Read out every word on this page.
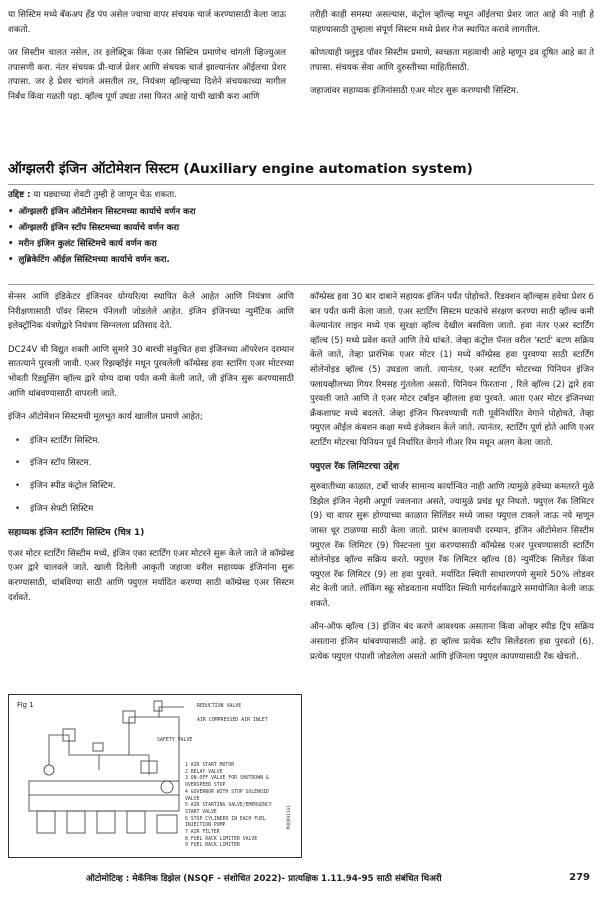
या सिस्टिम मध्ये बॅकअप हँड पंप असेल ज्याचा वापर संचयक चार्ज करण्यासाठी केला जाऊ शकतो.

जर सिस्टीम चालत नसेल, तर इलेक्ट्रिक किंवा एअर सिस्टिम प्रमाणेच चांगली व्हिज्युअल तपासणी करा. नंतर संचयक प्री-चार्ज प्रेशर आणि संचयक चार्ज झाल्यानंतर ऑईलचा प्रेशर तपासा. जर हे प्रेशर चांगले असतील तर, नियंत्रण व्हॉल्व्हच्या दिशेने संचयकाच्या मागील निर्बंध किंवा गळती पहा. व्हॉल्व पूर्ण उघडा तसा फिरत आहे याची खात्री करा आणि

तरीही काही समस्या असल्यास, कंट्रोल व्हॉल्व्ह मधून ऑईलचा प्रेशर जात आहे की नाही हे पाहण्यासाठी तुम्हाला संपूर्ण सिस्टम मध्ये प्रेशर गेज स्थापित करावे लागतील.

कोणत्याही फ्लुइड पॉवर सिस्टीम प्रमाणे, स्वच्छता महत्वाची आहे म्हणून द्रव दूषित आहे का ते तपासा. संचयक सेवा आणि दुरुस्तीच्या माहितीसाठी.

जहाजांवर सहाय्यक इंजिनांसाठी एअर मोटर सुरू करण्याची सिस्टिम.

ऑग्झलरी इंजिन ऑटोमेशन सिस्टम (Auxiliary engine automation system)
उद्दिष्ट : या धड्याच्या शेवटी तुम्ही हे जाणून घेऊ शकता.
• ऑग्झलरी इंजिन ऑटोमेशन सिस्टमच्या कार्याचे वर्णन करा
• ऑग्झलरी इंजिन स्टॉप सिस्टमच्या कार्याचे वर्णन करा
• मरीन इंजिन कुलंट सिस्टिमचे कार्य वर्णन करा
• लुब्रिकेटिंग ऑईल सिस्टिमच्या कार्याचे वर्णन करा.

सेन्सर आणि इंडिकेटर इंजिनवर योग्यरित्या स्थापित केले आहेत आणि नियंत्रण आणि निरीक्षणासाठी पॉवर सिस्टम पॅनेलशी जोडलेले आहेत. इंजिन इंजिनच्या न्युमॅटिक आणि इलेक्ट्रॉनिक यंत्रणेद्वारे नियंत्रण सिग्नलला प्रतिसाद देते.

DC24V ची विद्युत शक्ती आणि सुमारे 30 बारची संकुचित हवा इंजिनच्या ऑपरेशन दरम्यान सातत्याने पुरवली जावी. एअर रिझव्हॉईर मधून पुरवलेली कॉम्प्रेस्ड हवा स्टारिंग एअर मोटरच्या भोवती रिड्युसिंग व्हॉल्व द्वारे योग्य दाबा पर्यंत कमी केली जाते, जी इंजिन सुरू करण्यासाठी आणि थांबवण्यासाठी वापरली जाते.

इंजिन ऑटोमेशन सिस्टमची मूलभूत कार्य खालील प्रमाणे आहेत;

• इंजिन स्टार्टिंग सिस्टिम.
• इंजिन स्टॉप सिस्टम.
• इंजिन स्पीड कंट्रोल सिस्टिम.
• इंजिन सेफ्टी सिस्टिम
सहाय्यक इंजिन स्टार्टिंग सिस्टिम (चित्र 1)

एअर मोटर स्टार्टिंग सिस्टीम मध्ये, इंजिन एका स्टार्टिंग एअर मोटरने सुरू केले जाते जे कॉम्प्रेस्ड एअर द्वारे चालवले जाते. खाली दिलेली आकृती जहाजा वरील सहाय्यक इंजिनांना सुरू करण्यासाठी, थांबविण्या साठी आणि फ्युएल मर्यादित करण्या साठी कॉम्प्रेस्ड एअर सिस्टम दर्शवते.

कॉम्प्रेस्ड हवा 30 बार दाबाने सहायक इंजिन पर्यंत पोहोचते. रिडक्शन व्हॉल्व्हस हवेचा प्रेशर 6 बार पर्यंत कमी केला जातो. एअर स्टार्टिंग सिस्टम घटकांचे संरक्षण करण्या साठी व्हॉल्व कमी केल्यानंतर लाइन मध्ये एक सुरक्षा व्हॉल्व देखील बसविला जातो. हवा नंतर एअर स्टार्टिंग व्हॉल्व (5) मध्ये प्रवेश करते आणि तेथे थांबते. जेव्हा कंट्रोल पॅनल वरील 'स्टार्ट' बटण सक्रिय केले जाते, तेव्हा प्रारंभिक एअर मोटर (1) मध्ये कॉम्प्रेस्ड हवा पुरवण्या साठी स्टार्टिंग सोलेनोइड व्हॉल्व (5) उघडला जातो. त्यानंतर, एअर स्टार्टिंग मोटरच्या पिनियन इंजिन फ्लायव्हीलच्या गियर रिमसह गुंतलेला असतो. पिनियन फिरताना , रिले व्हॉल्व (2) द्वारे हवा पुरवली जाते आणि ते एअर मोटर टर्बाइन व्हीलला हवा पुरवते. आता एअर मोटर इंजिनच्या क्रँकशाफ्ट मध्ये बदलते. जेव्हा इंजिन फिरवण्याची गती पूर्वनिर्धारित वेगाने पोहोचते, तेव्हा फ्युएल ऑईल कंबशन कक्षा मध्ये इंजेक्शन केले जाते. त्यानंतर, स्टार्टिंग पूर्ण होते आणि एअर स्टार्टिंग मोटरचा पिनियन पूर्व निर्धारित वेगाने गीअर रिम मधून अलग केला जातो.

फ्युएल रॅक लिमिटरचा उद्देश

सुरुवातीच्या काळात, टर्बो चार्जर सामान्य कार्यान्वित नाही आणि त्यामुळे हवेच्या कमतरते मुळे डिझेल इंजिन नेहमी अपूर्ण ज्वलनात असते, ज्यामुळे प्रचंड धूर निघतो. फ्युएल रॅक लिमिटर (9) चा वापर सुरू होण्याच्या काळात सिलिंडर मध्ये जास्त फ्युएल टाकले जाऊ नये म्हणून जास्त धूर टाळण्या साठी केला जातो. प्रारंभ कालावधी दरम्यान, इंजिन ऑटोमेशन सिस्टीम फ्युएल रॅक लिमिटर (9) पिस्टनला पुश करण्यासाठी कॉम्प्रेस्ड एअर पुरवण्यासाठी स्टार्टिंग सोलेनोइड व्हॉल्व सक्रिय करते. फ्युएल रॅक लिमिटर व्हॉल्व (8) न्युमॅटिक सिलेंडर किंवा फ्युएल रॅक लिमिटर (9) ला हवा पुरवते. मर्यादित स्थिती साधारणपणे सुमारे 50% लोडवर सेट केली जाते. लॉकिंग स्क्रू सोडवताना मर्यादित स्थिती मार्गदर्शकाद्वारे समायोजित केली जाऊ शकते.

ऑन-ऑफ व्हॉल्व (3) इंजिन बंद करणे आवश्यक असताना किंवा ओव्हर स्पीड ट्रिप सक्रिय असताना इंजिन थांबवण्यासाठी आहे. हा व्हॉल्व प्रत्येक स्टॉप सिलेंडरला हवा पुरवतो (6). प्रत्येक फ्युएल पंपाशी जोडलेला असतो आणि इंजिनला फ्युएल कापण्यासाठी रॅक खेचतो.

Fig 1	REDUCTION VALVE
AIR COMPRESSED AIR INLET
SAFETY VALVE
1 AIR START MOTOR
2 RELAY VALVE
3 ON-OFF VALVE FOR SHUTDOWN &
OVERSPEED STOP
4 GOVERNOR WITH STOP SOLENOID
VALVE
5 AIR STARTING VALVE/EMERGENCY
START VALVE
6 STOP CYLINDER IN EACH FUEL
INJECTION PUMP
7 AIR FILTER
8 FUEL RACK LIMITER VALVE
9 FUEL RACK LIMITER
MUQ8911G1
ऑटोमोटिव्ह : मेकॅनिक डिझेल (NSQF - संशोधित 2022)- प्रात्यक्षिक 1.11.94-95 साठी संबंधित थिअरी	279
